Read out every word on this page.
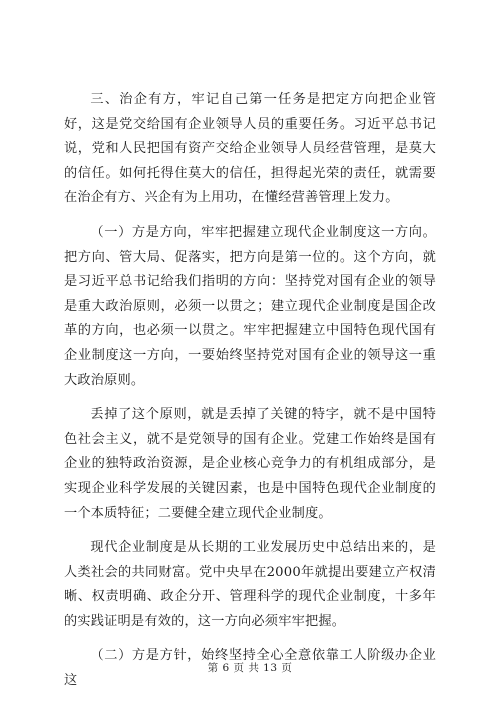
三、治企有方，牢记自己第一任务是把定方向把企业管好，这是党交给国有企业领导人员的重要任务。习近平总书记说，党和人民把国有资产交给企业领导人员经营管理，是莫大的信任。如何托得住莫大的信任，担得起光荣的责任，就需要在治企有方、兴企有为上用功，在懂经营善管理上发力。

（一）方是方向，牢牢把握建立现代企业制度这一方向。把方向、管大局、促落实，把方向是第一位的。这个方向，就是习近平总书记给我们指明的方向：坚持党对国有企业的领导是重大政治原则，必须一以贯之；建立现代企业制度是国企改革的方向，也必须一以贯之。牢牢把握建立中国特色现代国有企业制度这一方向，一要始终坚持党对国有企业的领导这一重大政治原则。

丢掉了这个原则，就是丢掉了关键的特字，就不是中国特色社会主义，就不是党领导的国有企业。党建工作始终是国有企业的独特政治资源，是企业核心竞争力的有机组成部分，是实现企业科学发展的关键因素，也是中国特色现代企业制度的一个本质特征；二要健全建立现代企业制度。

现代企业制度是从长期的工业发展历史中总结出来的，是人类社会的共同财富。党中央早在2000年就提出要建立产权清晰、权责明确、政企分开、管理科学的现代企业制度，十多年的实践证明是有效的，这一方向必须牢牢把握。

（二）方是方针，始终坚持全心全意依靠工人阶级办企业这

第 6 页 共 13 页
